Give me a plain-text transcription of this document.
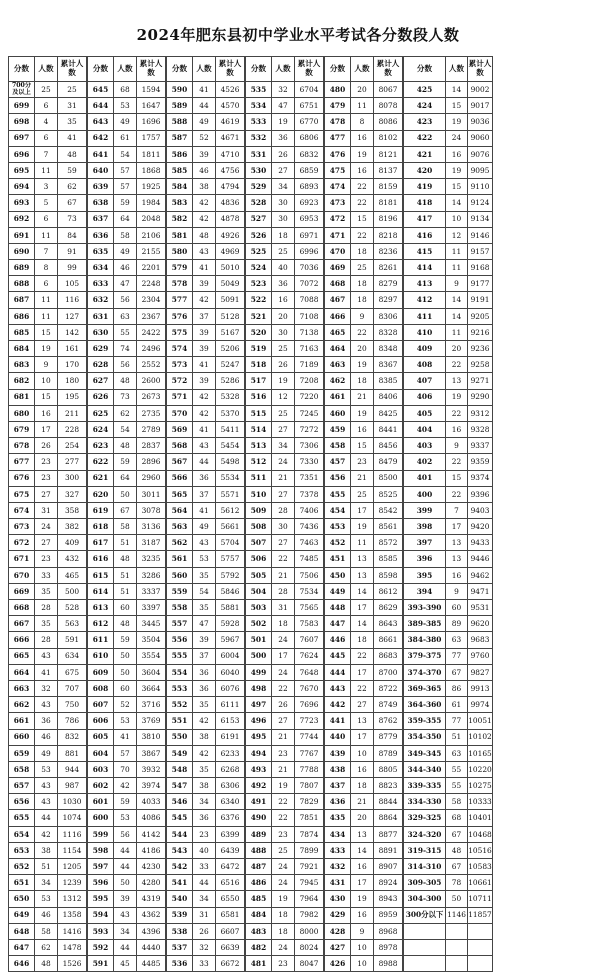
2024年肥东县初中学业水平考试各分数段人数
分数	人数	累计人数
700分及以上	25	25
699	6	31
698	4	35
697	6	41
696	7	48
695	11	59
694	3	62
693	5	67
692	6	73
691	11	84
690	7	91
689	8	99
688	6	105
687	11	116
686	11	127
685	15	142
684	19	161
683	9	170
682	10	180
681	15	195
680	16	211
679	17	228
678	26	254
677	23	277
676	23	300
675	27	327
674	31	358
673	24	382
672	27	409
671	23	432
670	33	465
669	35	500
668	28	528
667	35	563
666	28	591
665	43	634
664	41	675
663	32	707
662	43	750
661	36	786
660	46	832
659	49	881
658	53	944
657	43	987
656	43	1030
655	44	1074
654	42	1116
653	38	1154
652	51	1205
651	34	1239
650	53	1312
649	46	1358
648	58	1416
647	62	1478
646	48	1526
分数	人数	累计人数
645	68	1594
644	53	1647
643	49	1696
642	61	1757
641	54	1811
640	57	1868
639	57	1925
638	59	1984
637	64	2048
636	58	2106
635	49	2155
634	46	2201
633	47	2248
632	56	2304
631	63	2367
630	55	2422
629	74	2496
628	56	2552
627	48	2600
626	73	2673
625	62	2735
624	54	2789
623	48	2837
622	59	2896
621	64	2960
620	50	3011
619	67	3078
618	58	3136
617	51	3187
616	48	3235
615	51	3286
614	51	3337
613	60	3397
612	48	3445
611	59	3504
610	50	3554
609	50	3604
608	60	3664
607	52	3716
606	53	3769
605	41	3810
604	57	3867
603	70	3932
602	42	3974
601	59	4033
600	53	4086
599	56	4142
598	44	4186
597	44	4230
596	50	4280
595	39	4319
594	43	4362
593	34	4396
592	44	4440
591	45	4485
分数	人数	累计人数
590	41	4526
589	44	4570
588	49	4619
587	52	4671
586	39	4710
585	46	4756
584	38	4794
583	42	4836
582	42	4878
581	48	4926
580	43	4969
579	41	5010
578	39	5049
577	42	5091
576	37	5128
575	39	5167
574	39	5206
573	41	5247
572	39	5286
571	42	5328
570	42	5370
569	41	5411
568	43	5454
567	44	5498
566	36	5534
565	37	5571
564	41	5612
563	49	5661
562	43	5704
561	53	5757
560	35	5792
559	54	5846
558	35	5881
557	47	5928
556	39	5967
555	37	6004
554	36	6040
553	36	6076
552	35	6111
551	42	6153
550	38	6191
549	42	6233
548	35	6268
547	38	6306
546	34	6340
545	36	6376
544	23	6399
543	40	6439
542	33	6472
541	44	6516
540	34	6550
539	31	6581
538	26	6607
537	32	6639
536	33	6672
分数	人数	累计人数
535	32	6704
534	47	6751
533	19	6770
532	36	6806
531	26	6832
530	27	6859
529	34	6893
528	30	6923
527	30	6953
526	18	6971
525	25	6996
524	40	7036
523	36	7072
522	16	7088
521	20	7108
520	30	7138
519	25	7163
518	26	7189
517	19	7208
516	12	7220
515	25	7245
514	27	7272
513	34	7306
512	24	7330
511	21	7351
510	27	7378
509	28	7406
508	30	7436
507	27	7463
506	22	7485
505	21	7506
504	28	7534
503	31	7565
502	18	7583
501	24	7607
500	17	7624
499	24	7648
498	22	7670
497	26	7696
496	27	7723
495	21	7744
494	23	7767
493	21	7788
492	19	7807
491	22	7829
490	22	7851
489	23	7874
488	25	7899
487	24	7921
486	24	7945
485	19	7964
484	18	7982
483	18	8000
482	24	8024
481	23	8047
分数	人数	累计人数
480	20	8067
479	11	8078
478	8	8086
477	16	8102
476	19	8121
475	16	8137
474	22	8159
473	22	8181
472	15	8196
471	22	8218
470	18	8236
469	25	8261
468	18	8279
467	18	8297
466	9	8306
465	22	8328
464	20	8348
463	19	8367
462	18	8385
461	21	8406
460	19	8425
459	16	8441
458	15	8456
457	23	8479
456	21	8500
455	25	8525
454	17	8542
453	19	8561
452	11	8572
451	13	8585
450	13	8598
449	14	8612
448	17	8629
447	14	8643
446	18	8661
445	22	8683
444	17	8700
443	22	8722
442	27	8749
441	13	8762
440	17	8779
439	10	8789
438	16	8805
437	18	8823
436	21	8844
435	20	8864
434	13	8877
433	14	8891
432	16	8907
431	17	8924
430	19	8943
429	16	8959
428	9	8968
427	10	8978
426	10	8988
分数	人数	累计人数
425	14	9002
424	15	9017
423	19	9036
422	24	9060
421	16	9076
420	19	9095
419	15	9110
418	14	9124
417	10	9134
416	12	9146
415	11	9157
414	11	9168
413	9	9177
412	14	9191
411	14	9205
410	11	9216
409	20	9236
408	22	9258
407	13	9271
406	19	9290
405	22	9312
404	16	9328
403	9	9337
402	22	9359
401	15	9374
400	22	9396
399	7	9403
398	17	9420
397	13	9433
396	13	9446
395	16	9462
394	9	9471
393-390	60	9531
389-385	89	9620
384-380	63	9683
379-375	77	9760
374-370	67	9827
369-365	86	9913
364-360	61	9974
359-355	77	10051
354-350	51	10102
349-345	63	10165
344-340	55	10220
339-335	55	10275
334-330	58	10333
329-325	68	10401
324-320	67	10468
319-315	48	10516
314-310	67	10583
309-305	78	10661
304-300	50	10711
300分以下	1146	11857
